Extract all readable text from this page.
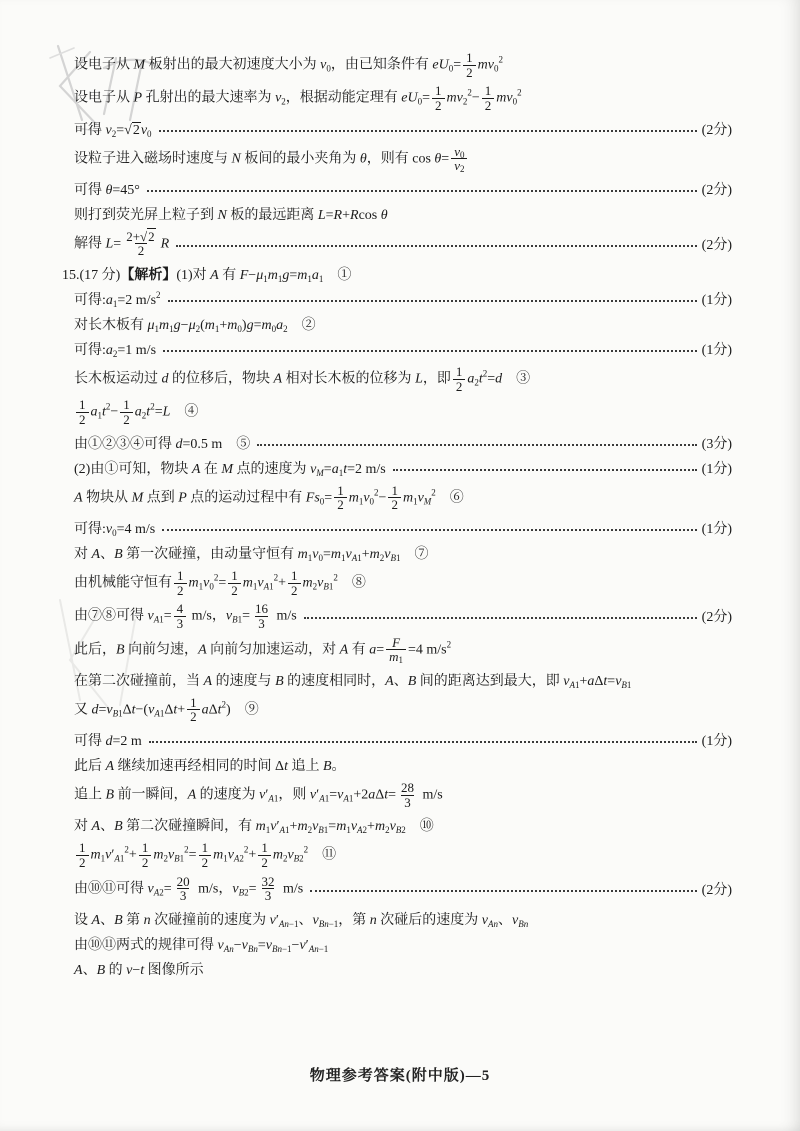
设电子从 M 板射出的最大初速度大小为 $v_0$，由已知条件有 $eU_0= \frac{1}{2} mv_0^2$
设电子从 P 孔射出的最大速率为 $v_2$，根据动能定理有 $eU_0= \frac{1}{2} mv_2^2- \frac{1}{2} mv_0^2$
可得 $v_2=√2v_0$	(2分)
设粒子进入磁场时速度与 N 板间的最小夹角为 θ，则有 $\cos \theta= \frac{v_0}{v_2}$
可得 θ=45°	(2分)
则打到荧光屏上粒子到 N 板的最远距离 L=R+Rcos θ
解得 $L= \frac{2+√2}{2}$ R	(2分)
15.(17 分)【解析】(1)对 A 有 $F-\mu_1m_1g=m_1a_1$　①
可得$:a_1=2$ $m/s^2$	(1分)
对长木板有 $\mu_1m_1g-\mu_2(m_1+m_0)g=m_0a_2$　②
可得$:a_2=1$ m/s	(1分)
长木板运动过 d 的位移后，物块 A 相对长木板的位移为 L，即 $\frac{1}{2} a_2t^2=d$　③
$\frac{1}{2} a_1t^2- \frac{1}{2} a_2t^2=L$　④
由①②③④可得 d=0.5 m　⑤	(3分)
(2)由①可知，物块 A 在 M 点的速度为 $v_M=a_1t=2$ m/s	(1分)
A 物块从 M 点到 P 点的运动过程中有 $Fs_0= \frac{1}{2} m_1v_0^2- \frac{1}{2} m_1v_M^2$　⑥
可得$:v_0=4$ m/s	(1分)
对 A、B 第一次碰撞，由动量守恒有 $m_1v_0=m_1v_{A1}+m_2v_{B1}$　⑦
由机械能守恒有 $\frac{1}{2} m_1v_0^2= \frac{1}{2} m_1v_{A1}^2+ \frac{1}{2} m_2v_{B1}^2$　⑧
由⑦⑧可得 $v_{A1}= \frac{4}{3} m/s$，$v_{B1}= \frac{16}{3} m/s$	(2分)
此后，B 向前匀速，A 向前匀加速运动，对 A 有 $a= \frac{F}{m_1} =4$ $m/s^2$
在第二次碰撞前，当 A 的速度与 B 的速度相同时，A、B 间的距离达到最大，即 $v_{A1}+a\Delta t=v_{B1}$
又 $d=v_{B1}\Delta t-(v_{A1}\Delta t+ \frac{1}{2} a\Delta t^2)$　⑨
可得 d=2 m	(1分)
此后 A 继续加速再经相同的时间 Δt 追上 B。
追上 B 前一瞬间，A 的速度为 $v'_{A1}$，则 $v'_{A1}=v_{A1}+2a\Delta t= \frac{28}{3} m/s$
对 A、B 第二次碰撞瞬间，有 $m_1v'_{A1}+m_2v_{B1}=m_1v_{A2}+m_2v_{B2}$　⑩
$\frac{1}{2} m_1v'_{A1}^2+ \frac{1}{2} m_2v_{B1}^2= \frac{1}{2} m_1v_{A2}^2+ \frac{1}{2} m_2v_{B2}^2$　⑪
由⑩⑪可得 $v_{A2}= \frac{20}{3} m/s$，$v_{B2}= \frac{32}{3} m/s$	(2分)
设 A、B 第 n 次碰撞前的速度为 $v'_{An-1}$、$v_{Bn-1}$，第 n 次碰后的速度为 $v_{An}$、$v_{Bn}$
由⑩⑪两式的规律可得 $v_{An}-v_{Bn}=v_{Bn-1}-v'_{An-1}$
A、B 的 v−t 图像所示
物理参考答案(附中版)—5
